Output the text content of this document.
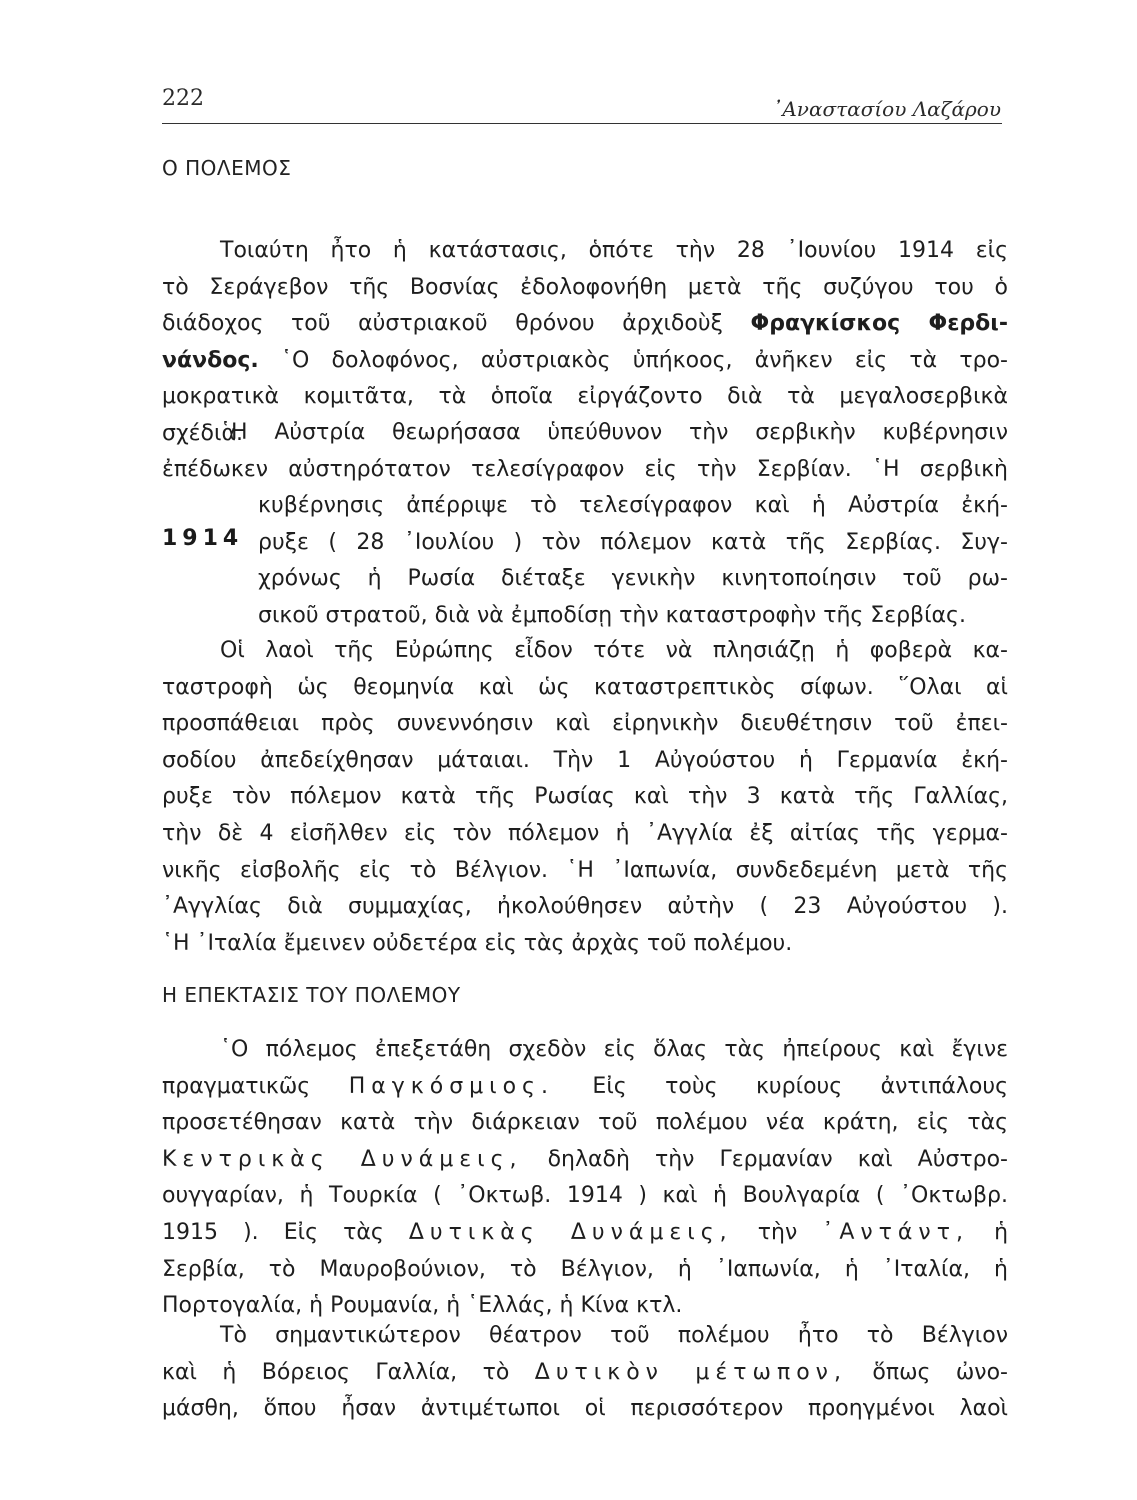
222	᾽Αναστασίου Λαζάρου
Ο ΠΟΛΕΜΟΣ
Τοιαύτη ἦτο ἡ κατάστασις, ὁπότε τὴν 28 ᾽Ιουνίου 1914 εἰς
τὸ Σεράγεβον τῆς Βοσνίας ἐδολοφονήθη μετὰ τῆς συζύγου του ὁ
διάδοχος τοῦ αὐστριακοῦ θρόνου ἀρχιδοὺξ Φραγκίσκος Φερδι-
νάνδος. ῾Ο δολοφόνος, αὐστριακὸς ὑπήκοος, ἀνῆκεν εἰς τὰ τρο-
μοκρατικὰ κομιτᾶτα, τὰ ὁποῖα εἰργάζοντο διὰ τὰ μεγαλοσερβικὰ
σχέδια.
῾Η Αὐστρία θεωρήσασα ὑπεύθυνον τὴν σερβικὴν κυβέρνησιν
ἐπέδωκεν αὐστηρότατον τελεσίγραφον εἰς τὴν Σερβίαν. ῾Η σερβικὴ
κυβέρνησις ἀπέρριψε τὸ τελεσίγραφον καὶ ἡ Αὐστρία ἐκή-
ρυξε ( 28 ᾽Ιουλίου ) τὸν πόλεμον κατὰ τῆς Σερβίας. Συγ-
χρόνως ἡ Ρωσία διέταξε γενικὴν κινητοποίησιν τοῦ ρω-
σικοῦ στρατοῦ, διὰ νὰ ἐμποδίσῃ τὴν καταστροφὴν τῆς Σερβίας.
1914
Οἱ λαοὶ τῆς Εὐρώπης εἶδον τότε νὰ πλησιάζῃ ἡ φοβερὰ κα-
ταστροφὴ ὡς θεομηνία καὶ ὡς καταστρεπτικὸς σίφων. ῞Ολαι αἱ
προσπάθειαι πρὸς συνεννόησιν καὶ εἰρηνικὴν διευθέτησιν τοῦ ἐπει-
σοδίου ἀπεδείχθησαν μάταιαι. Τὴν 1 Αὐγούστου ἡ Γερμανία ἐκή-
ρυξε τὸν πόλεμον κατὰ τῆς Ρωσίας καὶ τὴν 3 κατὰ τῆς Γαλλίας,
τὴν δὲ 4 εἰσῆλθεν εἰς τὸν πόλεμον ἡ ᾽Αγγλία ἐξ αἰτίας τῆς γερμα-
νικῆς εἰσβολῆς εἰς τὸ Βέλγιον. ῾Η ᾽Ιαπωνία, συνδεδεμένη μετὰ τῆς
᾽Αγγλίας διὰ συμμαχίας, ἠκολούθησεν αὐτὴν ( 23 Αὐγούστου ).
῾Η ᾽Ιταλία ἔμεινεν οὐδετέρα εἰς τὰς ἀρχὰς τοῦ πολέμου.
Η ΕΠΕΚΤΑΣΙΣ ΤΟΥ ΠΟΛΕΜΟΥ
῾Ο πόλεμος ἐπεξετάθη σχεδὸν εἰς ὅλας τὰς ἠπείρους καὶ ἔγινε
πραγματικῶς Παγκόσμιος. Εἰς τοὺς κυρίους ἀντιπάλους
προσετέθησαν κατὰ τὴν διάρκειαν τοῦ πολέμου νέα κράτη, εἰς τὰς
Κεντρικὰς Δυνάμεις, δηλαδὴ τὴν Γερμανίαν καὶ Αὐστρο-
ουγγαρίαν, ἡ Τουρκία ( ᾽Οκτωβ. 1914 ) καὶ ἡ Βουλγαρία ( ᾽Οκτωβρ.
1915 ). Εἰς τὰς Δυτικὰς Δυνάμεις, τὴν ᾽Αντάντ, ἡ
Σερβία, τὸ Μαυροβούνιον, τὸ Βέλγιον, ἡ ᾽Ιαπωνία, ἡ ᾽Ιταλία, ἡ
Πορτογαλία, ἡ Ρουμανία, ἡ ῾Ελλάς, ἡ Κίνα κτλ.
Τὸ σημαντικώτερον θέατρον τοῦ πολέμου ἦτο τὸ Βέλγιον
καὶ ἡ Βόρειος Γαλλία, τὸ Δυτικὸν μέτωπον, ὅπως ὠνο-
μάσθη, ὅπου ἦσαν ἀντιμέτωποι οἱ περισσότερον προηγμένοι λαοὶ
